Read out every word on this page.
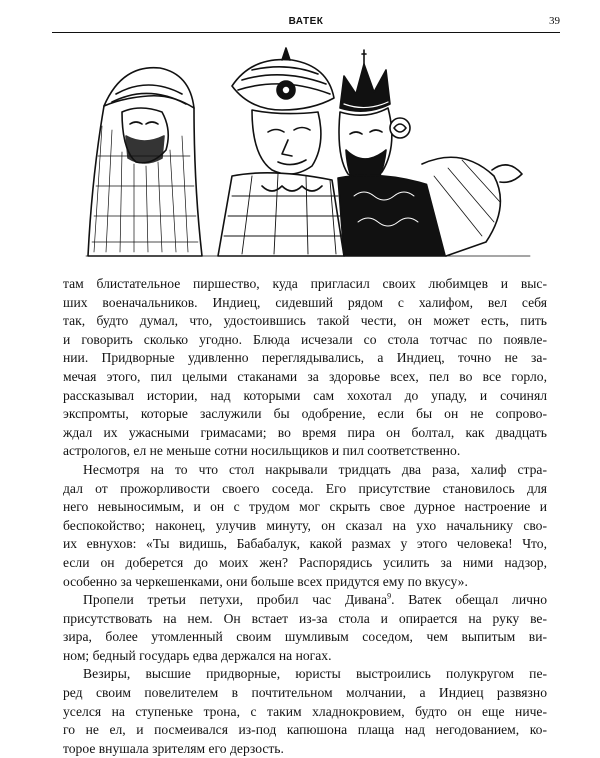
ВАТЕК	39
там блистательное пиршество, куда пригласил своих любимцев и выс-
ших военачальников. Индиец, сидевший рядом с халифом, вел себя
так, будто думал, что, удостоившись такой чести, он может есть, пить
и говорить сколько угодно. Блюда исчезали со стола тотчас по появле-
нии. Придворные удивленно переглядывались, а Индиец, точно не за-
мечая этого, пил целыми стаканами за здоровье всех, пел во все горло,
рассказывал истории, над которыми сам хохотал до упаду, и сочинял
экспромты, которые заслужили бы одобрение, если бы он не сопрово-
ждал их ужасными гримасами; во время пира он болтал, как двадцать
астрологов, ел не меньше сотни носильщиков и пил соответственно.
Несмотря на то что стол накрывали тридцать два раза, халиф стра-
дал от прожорливости своего соседа. Его присутствие становилось для
него невыносимым, и он с трудом мог скрыть свое дурное настроение и
беспокойство; наконец, улучив минуту, он сказал на ухо начальнику сво-
их евнухов: «Ты видишь, Бабабалук, какой размах у этого человека! Что,
если он доберется до моих жен? Распорядись усилить за ними надзор,
особенно за черкешенками, они больше всех придутся ему по вкусу».
Пропели третьи петухи, пробил час Дивана$^9$. Ватек обещал лично
присутствовать на нем. Он встает из-за стола и опирается на руку ве-
зира, более утомленный своим шумливым соседом, чем выпитым ви-
ном; бедный государь едва держался на ногах.
Везиры, высшие придворные, юристы выстроились полукругом пе-
ред своим повелителем в почтительном молчании, а Индиец развязно
уселся на ступеньке трона, с таким хладнокровием, будто он еще ниче-
го не ел, и посмеивался из-под капюшона плаща над негодованием, ко-
торое внушала зрителям его дерзость.
